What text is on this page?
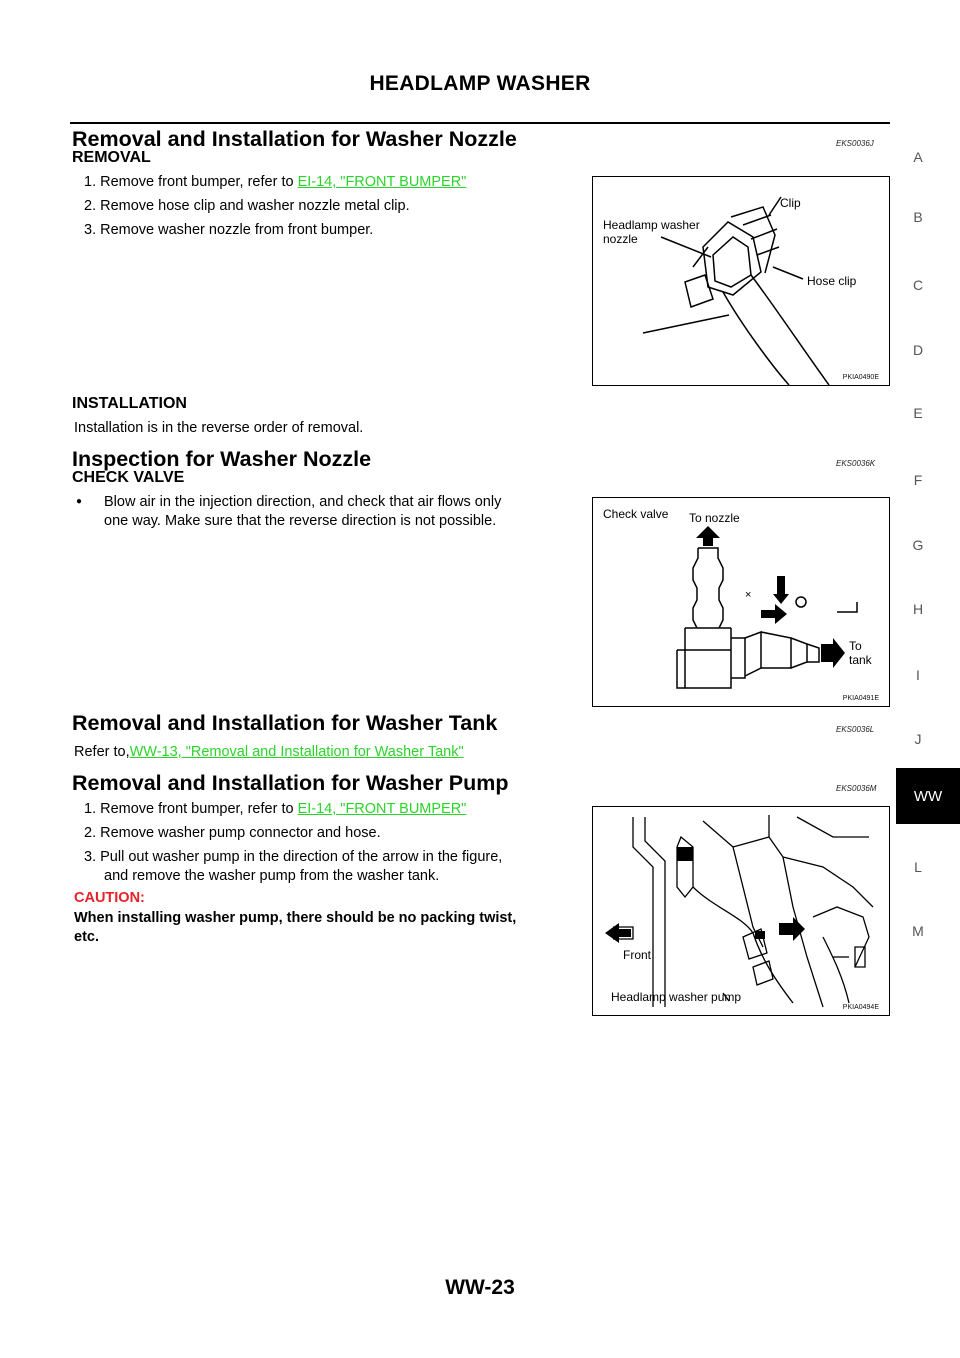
HEADLAMP WASHER
Removal and Installation for Washer Nozzle	EKS0036J
REMOVAL
1. Remove front bumper, refer to EI-14, "FRONT BUMPER"
2. Remove hose clip and washer nozzle metal clip.
3. Remove washer nozzle from front bumper.
INSTALLATION
Installation is in the reverse order of removal.
Clip
Headlamp washer
nozzle
Hose clip
PKIA0490E
Inspection for Washer Nozzle	EKS0036K
CHECK VALVE
● Blow air in the injection direction, and check that air flows only
one way. Make sure that the reverse direction is not possible.
×
Check valve To nozzle
To
tank
PKIA0491E
Removal and Installation for Washer Tank	EKS0036L
Refer to,WW-13, "Removal and Installation for Washer Tank"
Removal and Installation for Washer Pump	EKS0036M
1. Remove front bumper, refer to EI-14, "FRONT BUMPER"
2. Remove washer pump connector and hose.
3. Pull out washer pump in the direction of the arrow in the figure,
and remove the washer pump from the washer tank.
CAUTION:
When installing washer pump, there should be no packing twist,
etc.
Front
Headlamp washer pump
PKIA0494E
A
B
C
D
E
F
G
H
I
J
WW
L
M
WW-23
